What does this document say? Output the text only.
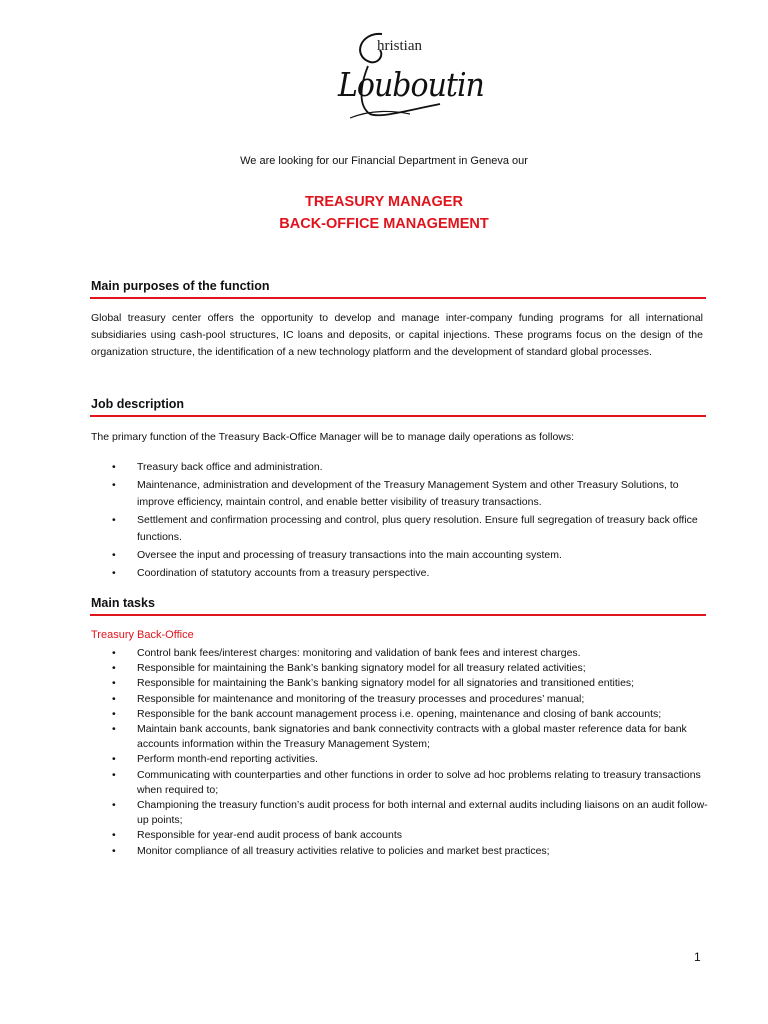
hristian
Louboutin
We are looking for our Financial Department in Geneva our
TREASURY MANAGER
BACK-OFFICE MANAGEMENT
Main purposes of the function
Global treasury center offers the opportunity to develop and manage inter-company funding programs for all international subsidiaries using cash-pool structures, IC loans and deposits, or capital injections. These programs focus on the design of the organization structure, the identification of a new technology platform and the development of standard global processes.
Job description
The primary function of the Treasury Back-Office Manager will be to manage daily operations as follows:
• Treasury back office and administration.
• Maintenance, administration and development of the Treasury Management System and other Treasury Solutions, to improve efficiency, maintain control, and enable better visibility of treasury transactions.
• Settlement and confirmation processing and control, plus query resolution. Ensure full segregation of treasury back office functions.
• Oversee the input and processing of treasury transactions into the main accounting system.
• Coordination of statutory accounts from a treasury perspective.
Main tasks
Treasury Back-Office
• Control bank fees/interest charges: monitoring and validation of bank fees and interest charges.
• Responsible for maintaining the Bank’s banking signatory model for all treasury related activities;
• Responsible for maintaining the Bank’s banking signatory model for all signatories and transitioned entities;
• Responsible for maintenance and monitoring of the treasury processes and procedures’ manual;
• Responsible for the bank account management process i.e. opening, maintenance and closing of bank accounts;
• Maintain bank accounts, bank signatories and bank connectivity contracts with a global master reference data for bank accounts information within the Treasury Management System;
• Perform month-end reporting activities.
• Communicating with counterparties and other functions in order to solve ad hoc problems relating to treasury transactions when required to;
• Championing the treasury function’s audit process for both internal and external audits including liaisons on an audit follow-up points;
• Responsible for year-end audit process of bank accounts
• Monitor compliance of all treasury activities relative to policies and market best practices;
1
